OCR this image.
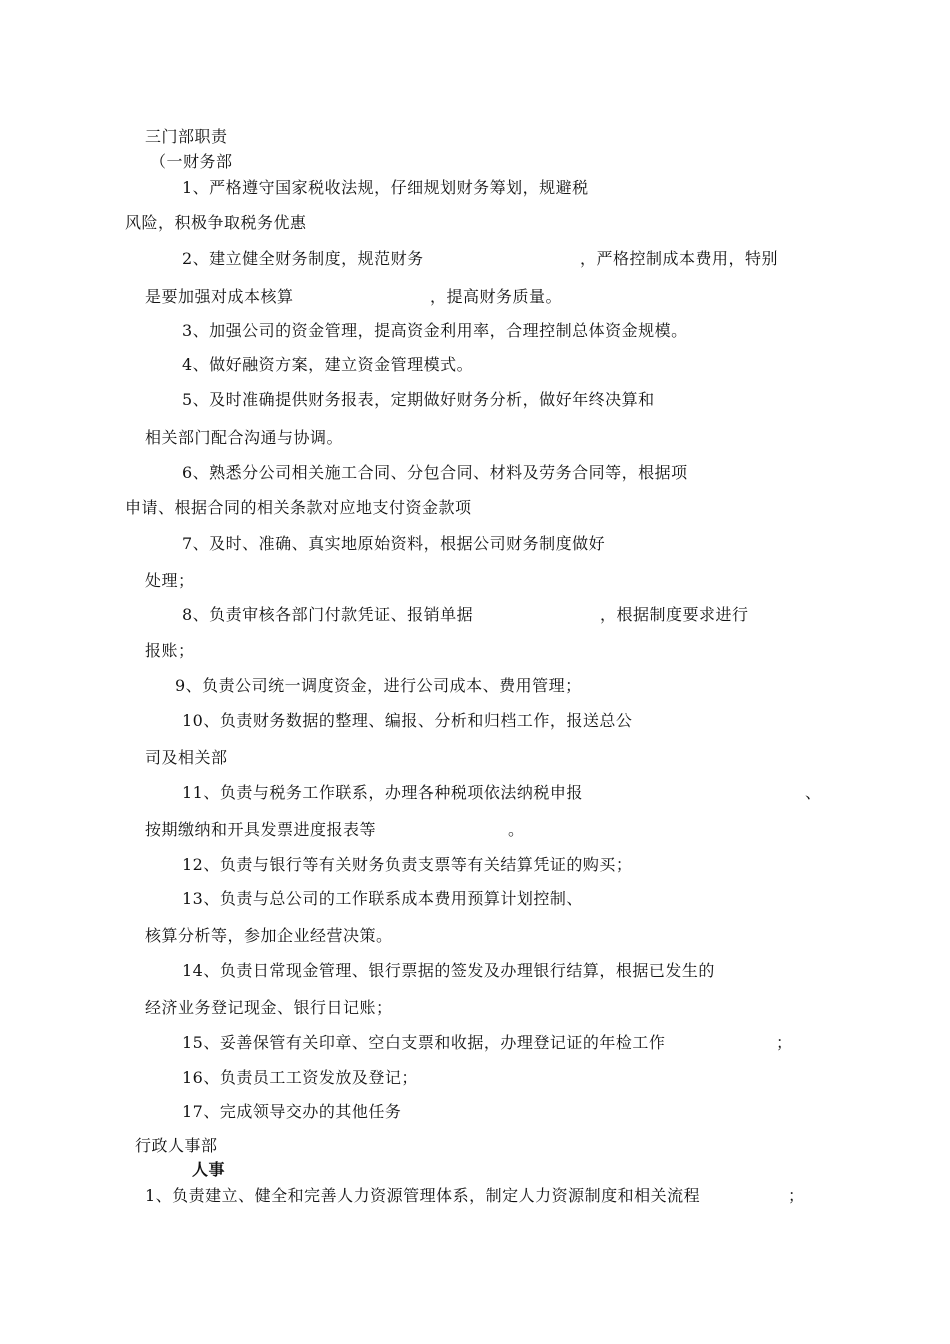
三门部职责
（一财务部
1、严格遵守国家税收法规，仔细规划财务筹划，规避税
风险，积极争取税务优惠
2、建立健全财务制度，规范财务	，严格控制成本费用，特别
是要加强对成本核算	，提高财务质量。
3、加强公司的资金管理，提高资金利用率，合理控制总体资金规模。
4、做好融资方案，建立资金管理模式。
5、及时准确提供财务报表，定期做好财务分析，做好年终决算和
相关部门配合沟通与协调。
6、熟悉分公司相关施工合同、分包合同、材料及劳务合同等，根据项
申请、根据合同的相关条款对应地支付资金款项
7、及时、准确、真实地原始资料，根据公司财务制度做好
处理；
8、负责审核各部门付款凭证、报销单据	，根据制度要求进行
报账；
9、负责公司统一调度资金，进行公司成本、费用管理；
10、负责财务数据的整理、编报、分析和归档工作，报送总公
司及相关部
11、负责与税务工作联系，办理各种税项依法纳税申报	、
按期缴纳和开具发票进度报表等	。
12、负责与银行等有关财务负责支票等有关结算凭证的购买；
13、负责与总公司的工作联系成本费用预算计划控制、
核算分析等，参加企业经营决策。
14、负责日常现金管理、银行票据的签发及办理银行结算，根据已发生的
经济业务登记现金、银行日记账；
15、妥善保管有关印章、空白支票和收据，办理登记证的年检工作	；
16、负责员工工资发放及登记；
17、完成领导交办的其他任务
行政人事部
人事
1、负责建立、健全和完善人力资源管理体系，制定人力资源制度和相关流程	；
